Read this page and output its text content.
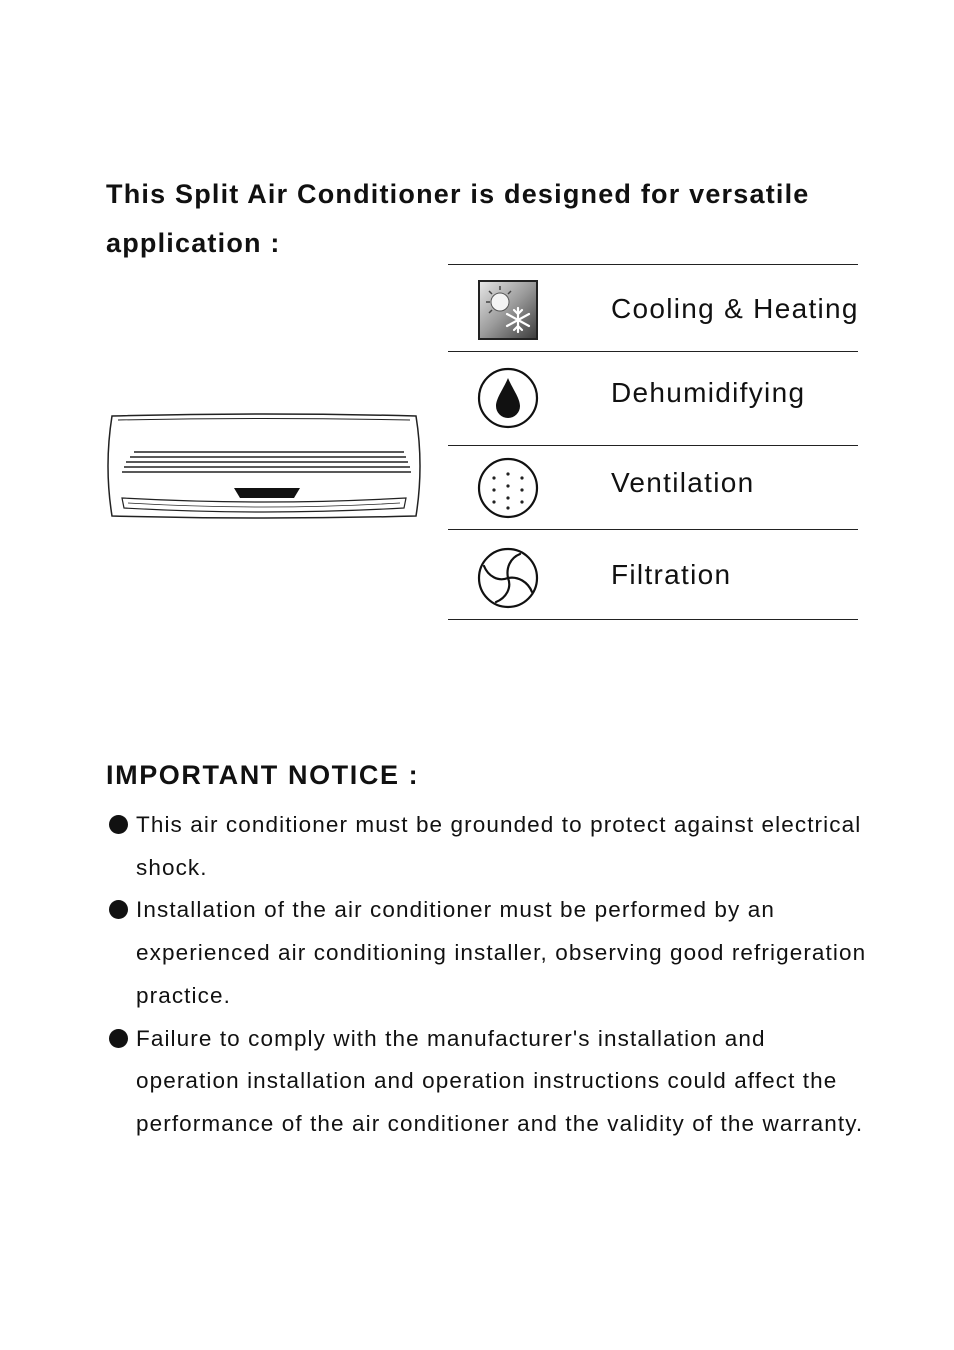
This Split Air Conditioner is designed for versatile application :
Cooling & Heating
Dehumidifying
Ventilation
Filtration
IMPORTANT NOTICE :
This air conditioner must be grounded to protect against electrical shock.
Installation of the air conditioner must be performed by an experienced air conditioning installer, observing good refrigeration practice.
Failure to comply with the manufacturer's installation and operation installation and operation instructions could affect the performance of the air conditioner and the validity of the warranty.
